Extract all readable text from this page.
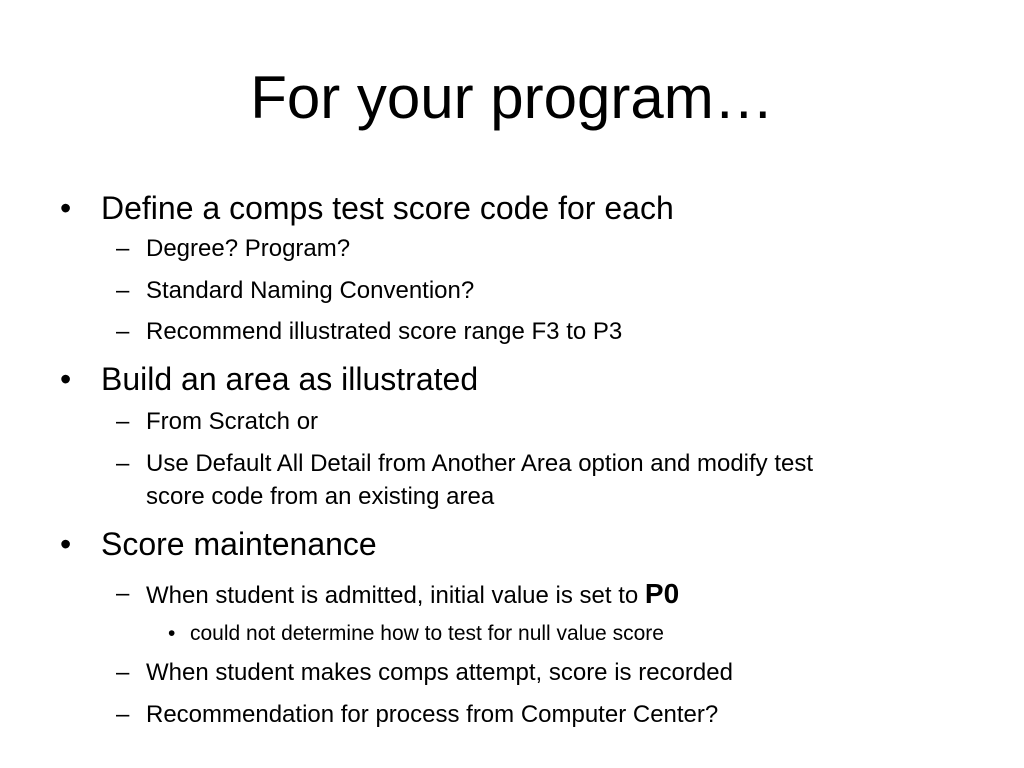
For your program…
• Define a comps test score code for each
– Degree? Program?
– Standard Naming Convention?
– Recommend illustrated score range F3 to P3
• Build an area as illustrated
– From Scratch or
– Use Default All Detail from Another Area option and modify test
score code from an existing area
• Score maintenance
– When student is admitted, initial value is set to P0
• could not determine how to test for null value score
– When student makes comps attempt, score is recorded
– Recommendation for process from Computer Center?
